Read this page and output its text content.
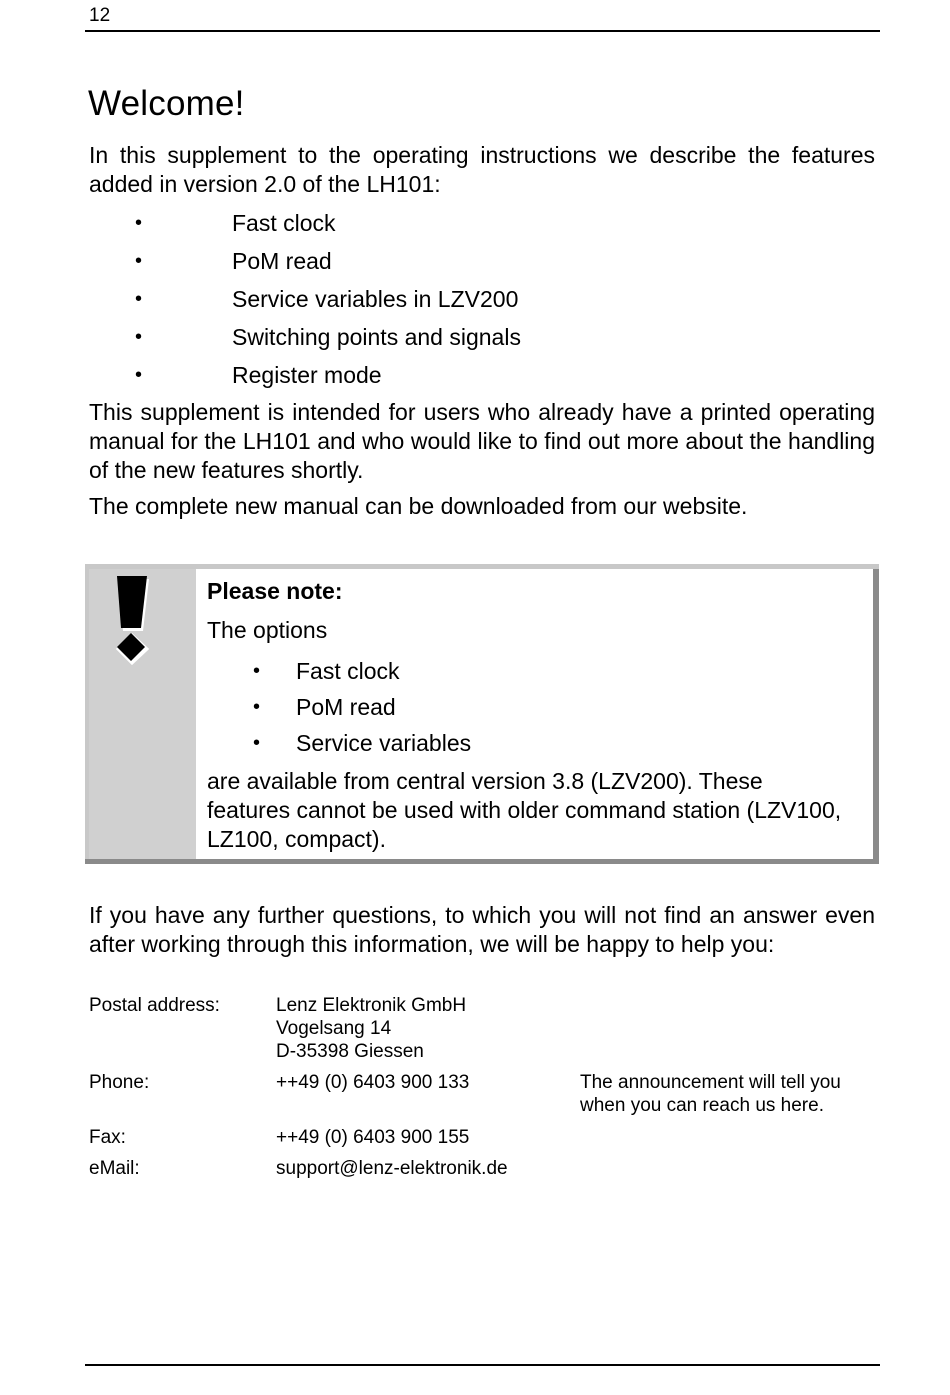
12
Welcome!

In this supplement to the operating instructions we describe the features added in version 2.0 of the LH101:

•	Fast clock
•	PoM read
•	Service variables in LZV200
•	Switching points and signals
•	Register mode

This supplement is intended for users who already have a printed operating manual for the LH101 and who would like to find out more about the handling of the new features shortly.

The complete new manual can be downloaded from our website.

Please note:
The options
• Fast clock
• PoM read
• Service variables

are available from central version 3.8 (LZV200). These features cannot be used with older command station (LZV100, LZ100, compact).

If you have any further questions, to which you will not find an answer even after working through this information, we will be happy to help you:

Postal address:	Lenz Elektronik GmbH
Vogelsang 14
D-35398 Giessen
Phone:	++49 (0) 6403 900 133	The announcement will tell you when you can reach us here.
Fax:	++49 (0) 6403 900 155
eMail:	support@lenz-elektronik.de
